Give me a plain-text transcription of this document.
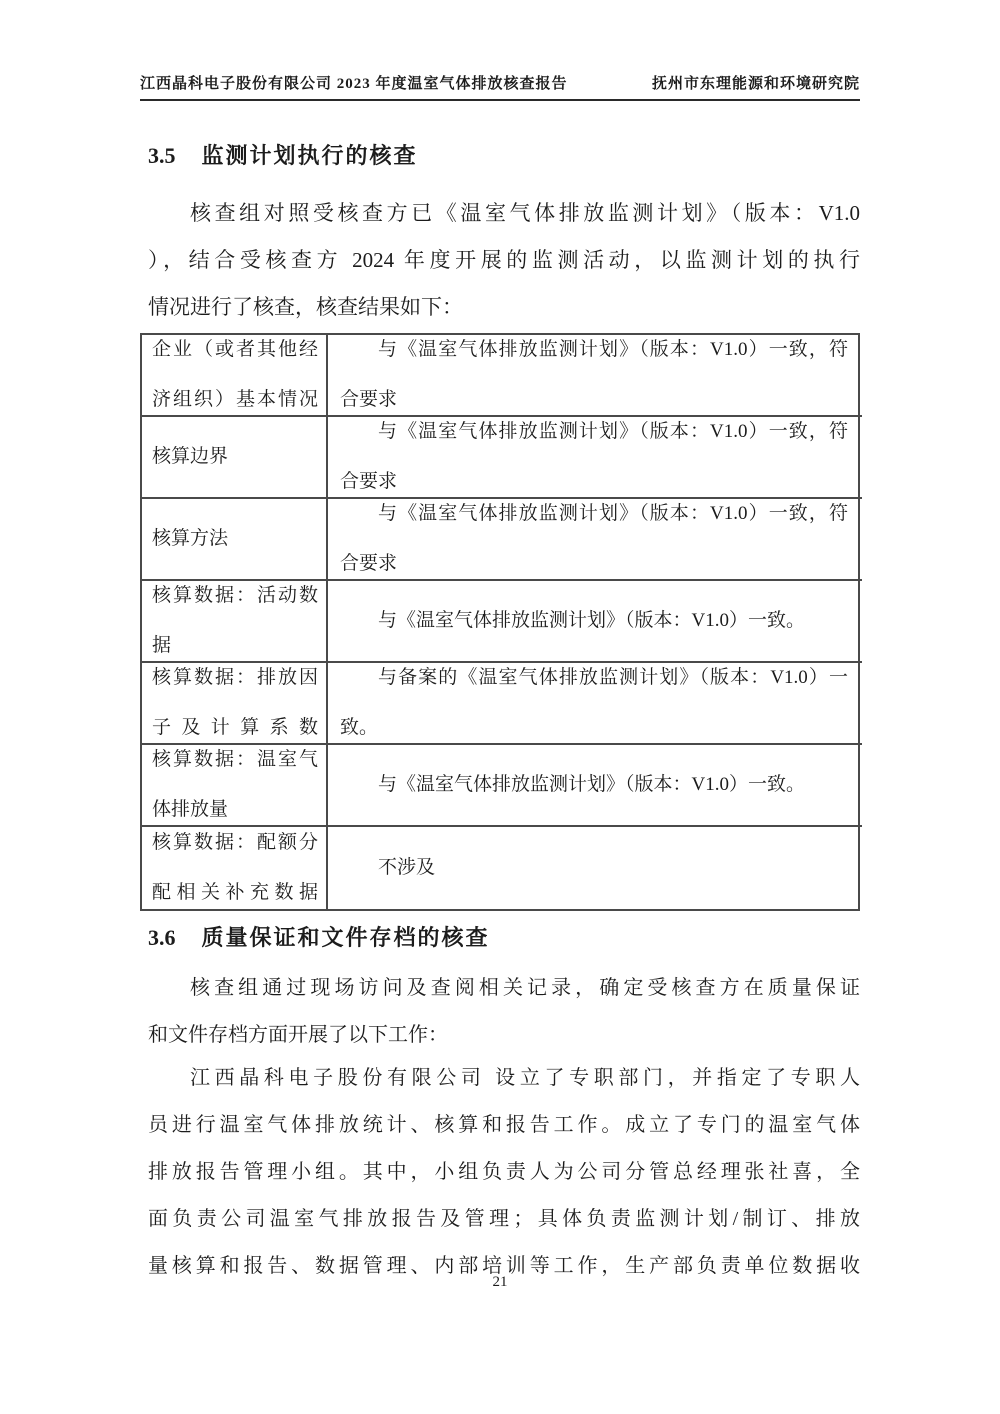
江西晶科电子股份有限公司 2023 年度温室气体排放核查报告	抚州市东理能源和环境研究院
3.5 监测计划执行的核查
核查组对照受核查方已《温室气体排放监测计划》（版本：V1.0
），结合受核查方 2024 年度开展的监测活动，以监测计划的执行
情况进行了核查，核查结果如下：
企业（或者其他经
济组织）基本情况
与《温室气体排放监测计划》（版本：V1.0）一致，符
合要求
核算边界
与《温室气体排放监测计划》（版本：V1.0）一致，符
合要求
核算方法
与《温室气体排放监测计划》（版本：V1.0）一致，符
合要求
核算数据：活动数
据
与《温室气体排放监测计划》（版本：V1.0）一致。
核算数据：排放因
子及计算系数
与备案的《温室气体排放监测计划》（版本：V1.0）一
致。
核算数据：温室气
体排放量
与《温室气体排放监测计划》（版本：V1.0）一致。
核算数据：配额分
配相关补充数据
不涉及
3.6 质量保证和文件存档的核查
核查组通过现场访问及查阅相关记录，确定受核查方在质量保证
和文件存档方面开展了以下工作：
江西晶科电子股份有限公司 设立了专职部门，并指定了专职人
员进行温室气体排放统计、核算和报告工作。成立了专门的温室气体
排放报告管理小组。其中，小组负责人为公司分管总经理张社喜，全
面负责公司温室气排放报告及管理；具体负责监测计划/制订、排放
量核算和报告、数据管理、内部培训等工作，生产部负责单位数据收
21
